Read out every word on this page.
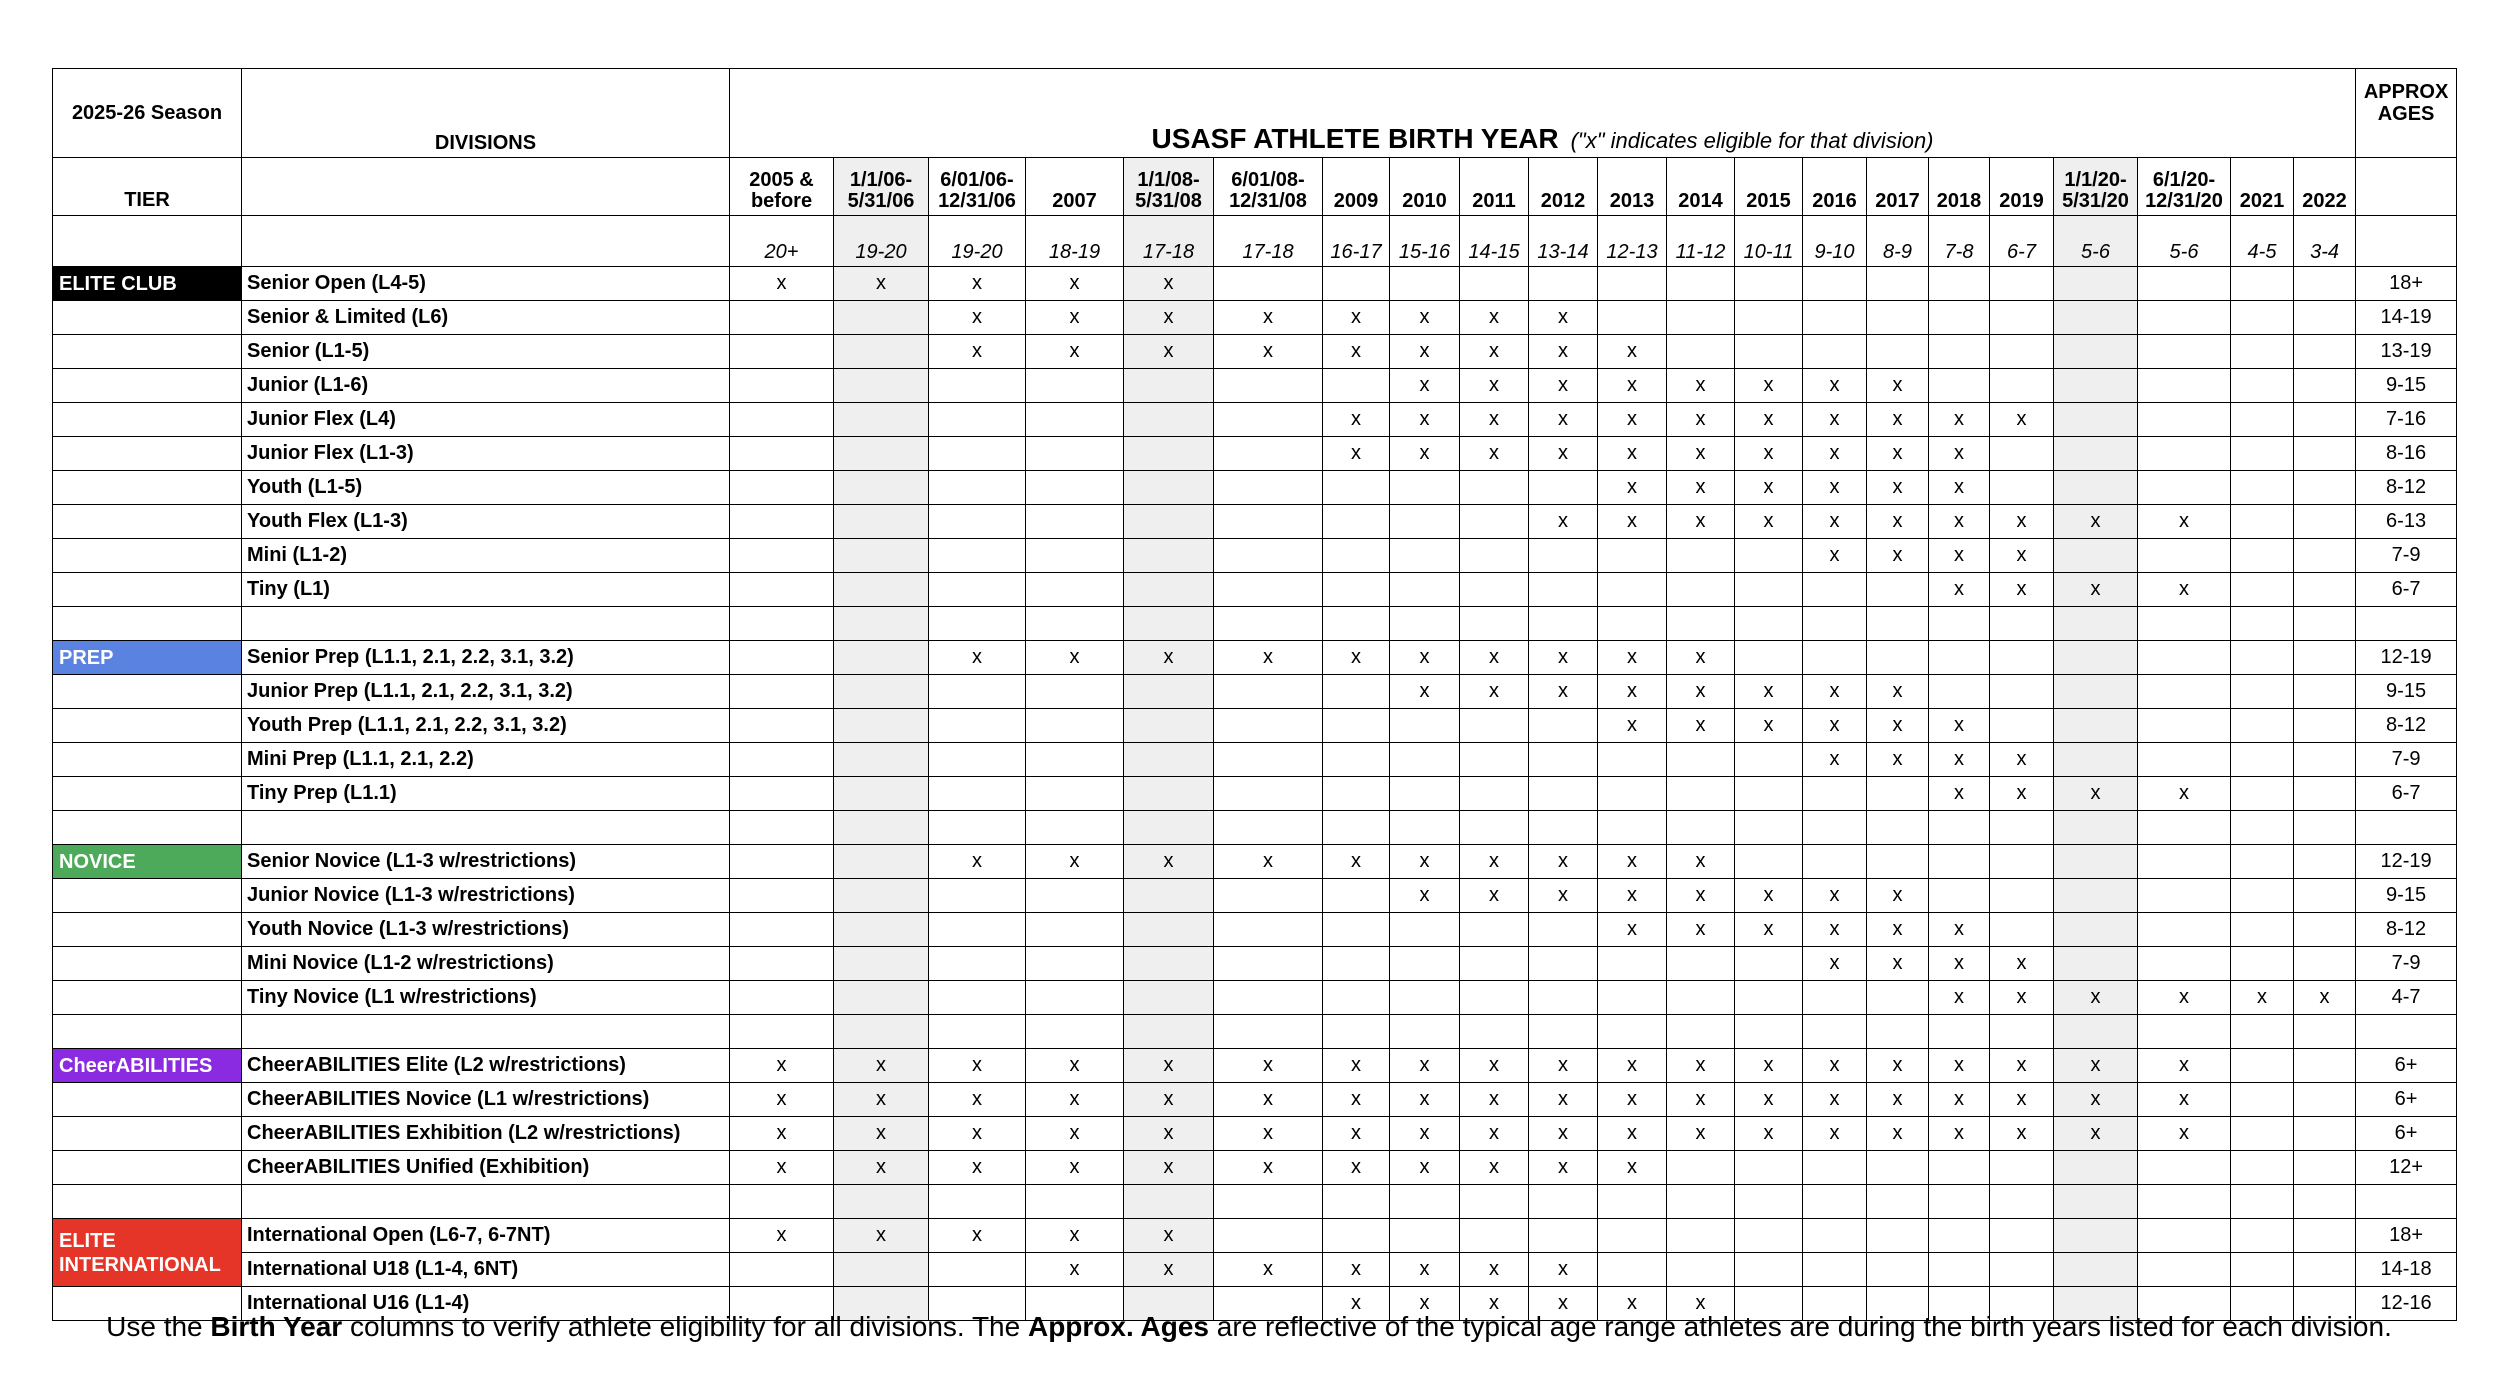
2025-26 Season	DIVISIONS	USASF ATHLETE BIRTH YEAR ("x" indicates eligible for that division)																					APPROX AGES
TIER		2005 & before	1/1/06- 5/31/06	6/01/06- 12/31/06	2007	1/1/08- 5/31/08	6/01/08- 12/31/08	2009	2010	2011	2012	2013	2014	2015	2016	2017	2018	2019	1/1/20- 5/31/20	6/1/20- 12/31/20	2021	2022	
		20+	19-20	19-20	18-19	17-18	17-18	16-17	15-16	14-15	13-14	12-13	11-12	10-11	9-10	8-9	7-8	6-7	5-6	5-6	4-5	3-4	
ELITE CLUB	Senior Open (L4-5)	x	x	x	x	x																	18+
	Senior & Limited (L6)			x	x	x	x	x	x	x	x												14-19
	Senior (L1-5)			x	x	x	x	x	x	x	x	x											13-19
	Junior (L1-6)								x	x	x	x	x	x	x	x							9-15
	Junior Flex (L4)							x	x	x	x	x	x	x	x	x	x	x					7-16
	Junior Flex (L1-3)							x	x	x	x	x	x	x	x	x	x						8-16
	Youth (L1-5)											x	x	x	x	x	x						8-12
	Youth Flex (L1-3)										x	x	x	x	x	x	x	x	x	x			6-13
	Mini (L1-2)														x	x	x	x					7-9
	Tiny (L1)																x	x	x	x			6-7

PREP	Senior Prep (L1.1, 2.1, 2.2, 3.1, 3.2)			x	x	x	x	x	x	x	x	x	x										12-19
	Junior Prep (L1.1, 2.1, 2.2, 3.1, 3.2)								x	x	x	x	x	x	x	x							9-15
	Youth Prep (L1.1, 2.1, 2.2, 3.1, 3.2)											x	x	x	x	x	x						8-12
	Mini Prep (L1.1, 2.1, 2.2)														x	x	x	x					7-9
	Tiny Prep (L1.1)																x	x	x	x			6-7

NOVICE	Senior Novice (L1-3 w/restrictions)			x	x	x	x	x	x	x	x	x	x										12-19
	Junior Novice (L1-3 w/restrictions)								x	x	x	x	x	x	x	x							9-15
	Youth Novice (L1-3 w/restrictions)											x	x	x	x	x	x						8-12
	Mini Novice (L1-2 w/restrictions)														x	x	x	x					7-9
	Tiny Novice (L1 w/restrictions)																x	x	x	x	x	x	4-7

CheerABILITIES	CheerABILITIES Elite (L2 w/restrictions)	x	x	x	x	x	x	x	x	x	x	x	x	x	x	x	x	x	x	x			6+
	CheerABILITIES Novice (L1 w/restrictions)	x	x	x	x	x	x	x	x	x	x	x	x	x	x	x	x	x	x	x			6+
	CheerABILITIES Exhibition (L2 w/restrictions)	x	x	x	x	x	x	x	x	x	x	x	x	x	x	x	x	x	x	x			6+
	CheerABILITIES Unified (Exhibition)	x	x	x	x	x	x	x	x	x	x	x											12+

ELITE INTERNATIONAL	International Open (L6-7, 6-7NT)	x	x	x	x	x																	18+
	International U18 (L1-4, 6NT)				x	x	x	x	x	x	x												14-18
	International U16 (L1-4)							x	x	x	x	x	x										12-16
Use the Birth Year columns to verify athlete eligibility for all divisions. The Approx. Ages are reflective of the typical age range athletes are during the birth years listed for each division.
